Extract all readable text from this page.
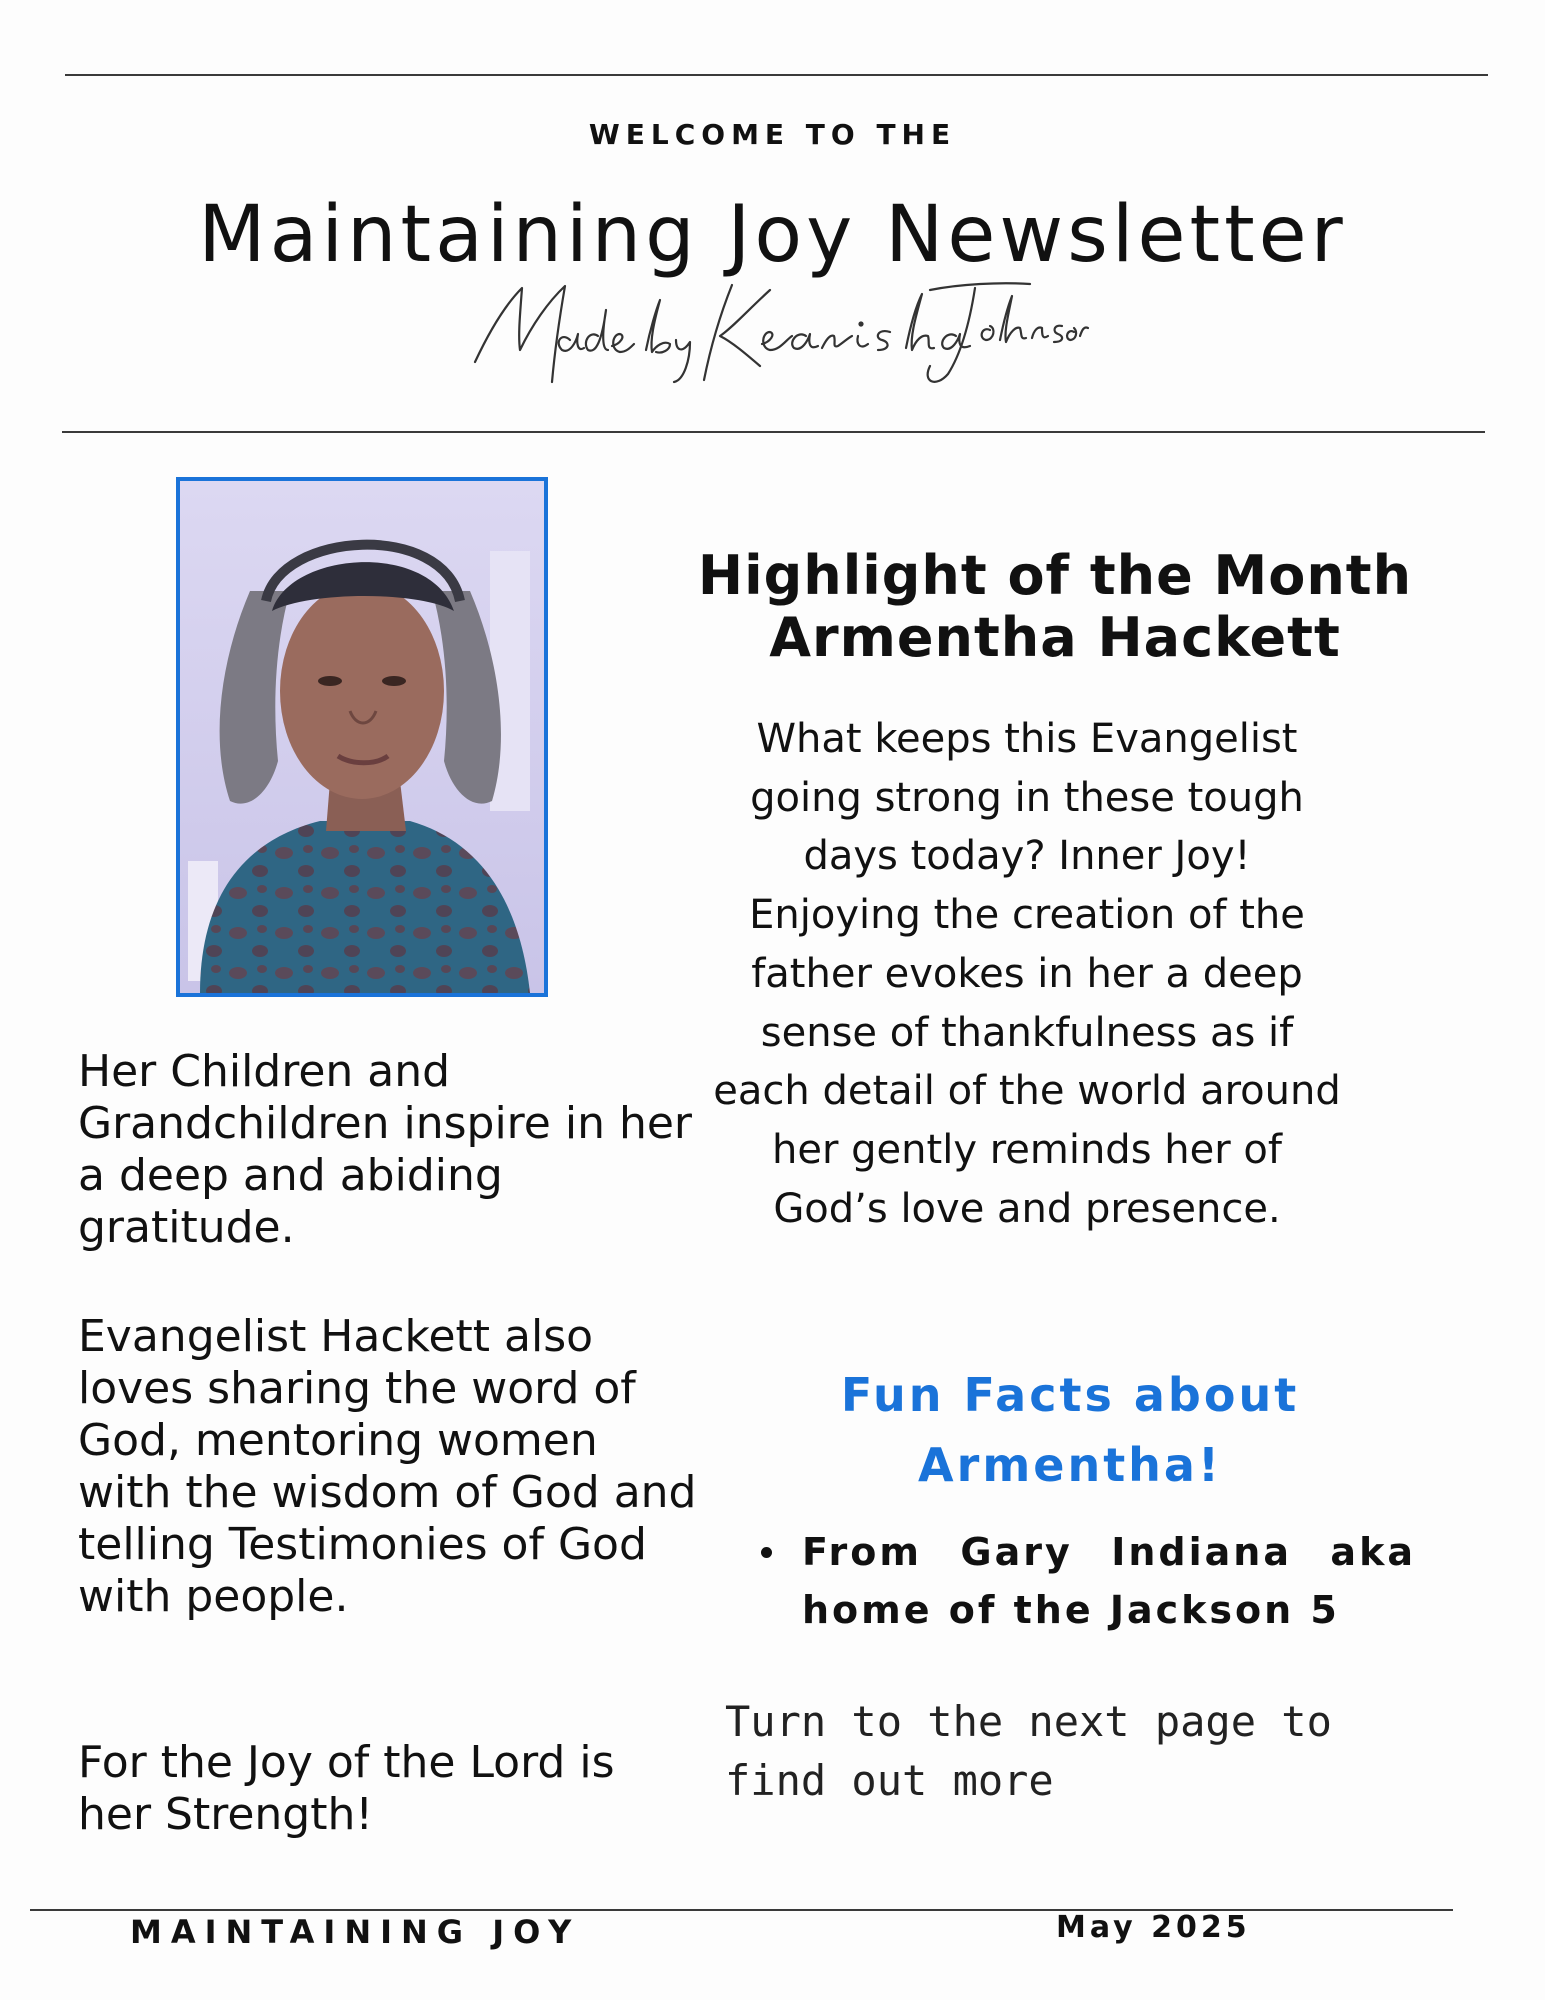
WELCOME TO THE
Maintaining Joy Newsletter

Her Children and Grandchildren inspire in her a deep and abiding gratitude.

Evangelist Hackett also loves sharing the word of God, mentoring women with the wisdom of God and telling Testimonies of God with people.

For the Joy of the Lord is her Strength!

Highlight of the Month
Armentha Hackett

What keeps this Evangelist going strong in these tough days today? Inner Joy! Enjoying the creation of the father evokes in her a deep sense of thankfulness as if each detail of the world around her gently reminds her of God’s love and presence.

Fun Facts about Armentha!
From Gary Indiana aka home of the Jackson 5

Turn to the next page to find out more

MAINTAINING JOY	May 2025
